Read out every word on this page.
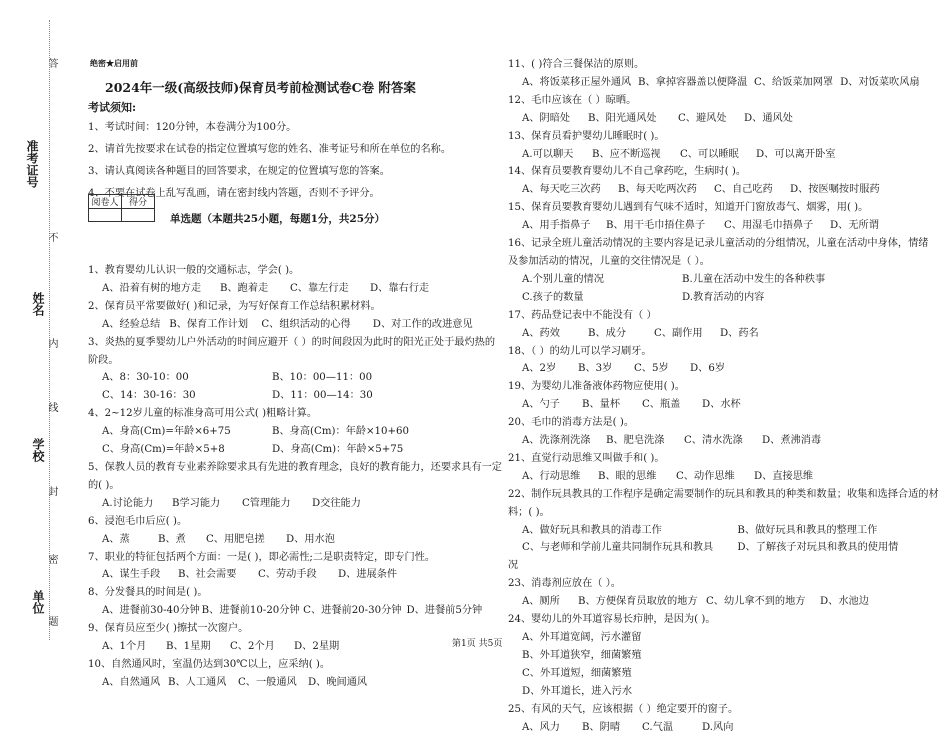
答
准考证号
不
姓名
内
线
学校
封
密
单位
题
绝密★启用前
2024年一级(高级技师)保育员考前检测试卷C卷 附答案
考试须知:
1、考试时间：120分钟，本卷满分为100分。
2、请首先按要求在试卷的指定位置填写您的姓名、准考证号和所在单位的名称。
3、请认真阅读各种题目的回答要求，在规定的位置填写您的答案。
4、不要在试卷上乱写乱画，请在密封线内答题，否则不予评分。
阅卷人	得分

单选题（本题共25小题，每题1分，共25分）
1、教育婴幼儿认识一般的交通标志，学会( )。
A、沿着有树的地方走	B、跑着走	C、靠左行走	D、靠右行走
2、保育员平常要做好( )和记录，为写好保育工作总结积累材料。
A、经验总结 B、保育工作计划	C、组织活动的心得	D、对工作的改进意见
3、炎热的夏季婴幼儿户外活动的时间应避开（ ）的时间段因为此时的阳光正处于最灼热的
阶段。
A、8：30-10：00	B、10：00—11：00
C、14：30-16：30	D、11：00—14：30
4、2~12岁儿童的标准身高可用公式( )粗略计算。
A、身高(Cm)=年龄×6+75	B、身高(Cm)：年龄×10+60
C、身高(Cm)=年龄×5+8	D、身高(Cm)：年龄×5+75
5、保教人员的教育专业素养除要求具有先进的教育理念，良好的教育能力，还要求具有一定
的( )。
A.讨论能力	B学习能力	C管理能力	D交往能力
6、浸泡毛巾后应( )。
A、蒸	B、煮	C、用肥皂搓	D、用水泡
7、职业的特征包括两个方面：一是( )，即必需性;二是职责特定，即专门性。
A、谋生手段	B、社会需要	C、劳动手段	D、进展条件
8、分发餐具的时间是( )。
A、进餐前30-40分钟 B、进餐前10-20分钟 C、进餐前20-30分钟 D、进餐前5分钟
9、保育员应至少( )擦拭一次窗户。
A、1个月	B、1星期	C、2个月	D、2星期
10、自然通风时，室温仍达到30℃以上，应采纳( )。
A、自然通风 B、人工通风	C、一般通风	D、晚间通风
11、( )符合三餐保洁的原则。
A、将饭菜移正屋外通风 B、拿掉容器盖以便降温 C、给饭菜加网罩 D、对饭菜吹风扇
12、毛巾应该在（ ）晾晒。
A、阴暗处	B、阳光通风处	C、避风处	D、通风处
13、保育员看护婴幼儿睡眠时( )。
A.可以聊天	B、应不断巡视	C、可以睡眠	D、可以离开卧室
14、保育员要教育婴幼儿不自己拿药吃，生病时( )。
A、每天吃三次药	B、每天吃两次药	C、自己吃药	D、按医嘱按时服药
15、保育员要教育婴幼儿遇到有气味不适时，知道开门窗放毒气、烟雾，用( )。
A、用手指鼻子	B、用干毛巾捂住鼻子	C、用湿毛巾捂鼻子	D、无所谓
16、记录全班儿童活动情况的主要内容是记录儿童活动的分组情况，儿童在活动中身体，情绪
及参加活动的情况，儿童的交往情况是（ ）。
A.个别儿童的情况	B.儿童在活动中发生的各种秩事
C.孩子的数量	D.教育活动的内容
17、药品登记表中不能没有（ ）
A、药效	B、成分	C、副作用	D、药名
18、（ ）的幼儿可以学习刷牙。
A、2岁	B、3岁	C、5岁	D、6岁
19、为婴幼儿准备液体药物应使用( )。
A、勺子	B、量杯	C、瓶盖	D、水杯
20、毛巾的消毒方法是( )。
A、洗涤剂洗涤	B、肥皂洗涤	C、清水洗涤	D、煮沸消毒
21、直觉行动思维又叫做手和( )。
A、行动思维	B、眼的思维	C、动作思维	D、直接思维
22、制作玩具教具的工作程序是确定需要制作的玩具和教具的种类和数量；收集和选择合适的材
料；( )。
A、做好玩具和教具的消毒工作	B、做好玩具和教具的整理工作
C、与老师和学前儿童共同制作玩具和教具	D、了解孩子对玩具和教具的使用情
况
23、消毒剂应放在（ ）。
A、厕所	B、方便保育员取放的地方 C、幼儿拿不到的地方	D、水池边
24、婴幼儿的外耳道容易长疖肿，是因为( )。
A、外耳道宽阔，污水灌留
B、外耳道狭窄，细菌繁殖
C、外耳道短，细菌繁殖
D、外耳道长，进入污水
25、有风的天气，应该根据（ ）绝定要开的窗子。
A、风力	B、阴晴	C.气温	D.风向
第1页 共5页
